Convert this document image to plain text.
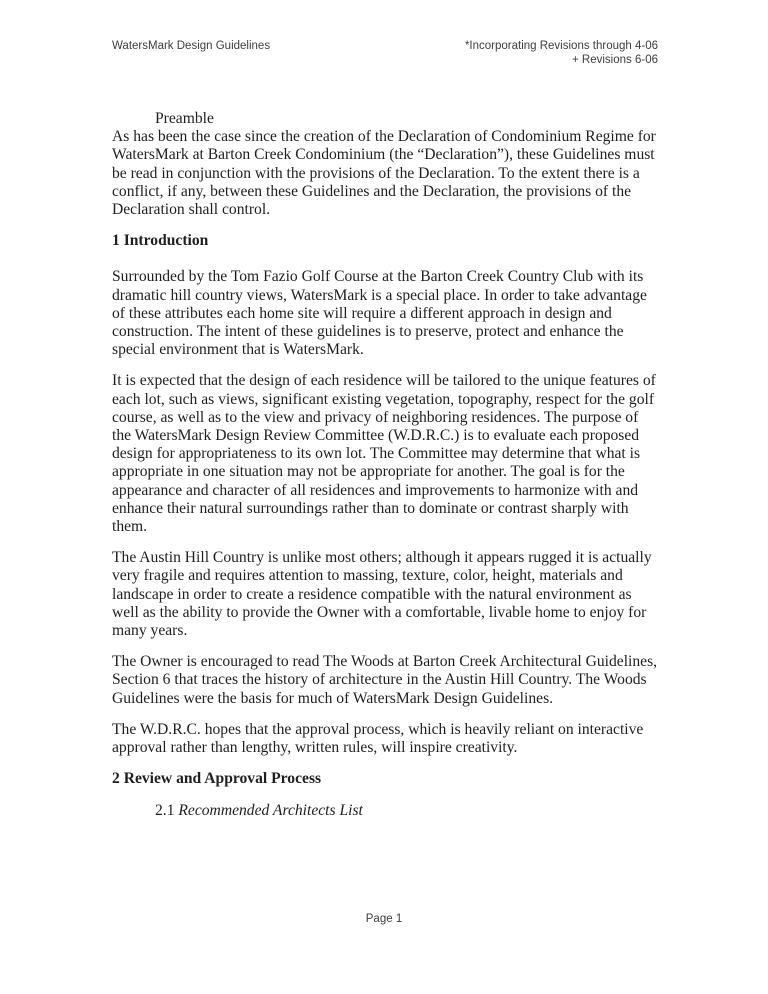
WatersMark Design Guidelines	*Incorporating Revisions through 4-06
+ Revisions 6-06

Preamble

As has been the case since the creation of the Declaration of Condominium Regime for WatersMark at Barton Creek Condominium (the “Declaration”), these Guidelines must be read in conjunction with the provisions of the Declaration. To the extent there is a conflict, if any, between these Guidelines and the Declaration, the provisions of the Declaration shall control.

1 Introduction

Surrounded by the Tom Fazio Golf Course at the Barton Creek Country Club with its dramatic hill country views, WatersMark is a special place. In order to take advantage of these attributes each home site will require a different approach in design and construction. The intent of these guidelines is to preserve, protect and enhance the special environment that is WatersMark.

It is expected that the design of each residence will be tailored to the unique features of each lot, such as views, significant existing vegetation, topography, respect for the golf course, as well as to the view and privacy of neighboring residences. The purpose of the WatersMark Design Review Committee (W.D.R.C.) is to evaluate each proposed design for appropriateness to its own lot. The Committee may determine that what is appropriate in one situation may not be appropriate for another. The goal is for the appearance and character of all residences and improvements to harmonize with and enhance their natural surroundings rather than to dominate or contrast sharply with them.

The Austin Hill Country is unlike most others; although it appears rugged it is actually very fragile and requires attention to massing, texture, color, height, materials and landscape in order to create a residence compatible with the natural environment as well as the ability to provide the Owner with a comfortable, livable home to enjoy for many years.

The Owner is encouraged to read The Woods at Barton Creek Architectural Guidelines, Section 6 that traces the history of architecture in the Austin Hill Country. The Woods Guidelines were the basis for much of WatersMark Design Guidelines.

The W.D.R.C. hopes that the approval process, which is heavily reliant on interactive approval rather than lengthy, written rules, will inspire creativity.

2 Review and Approval Process

2.1 Recommended Architects List

Page 1
